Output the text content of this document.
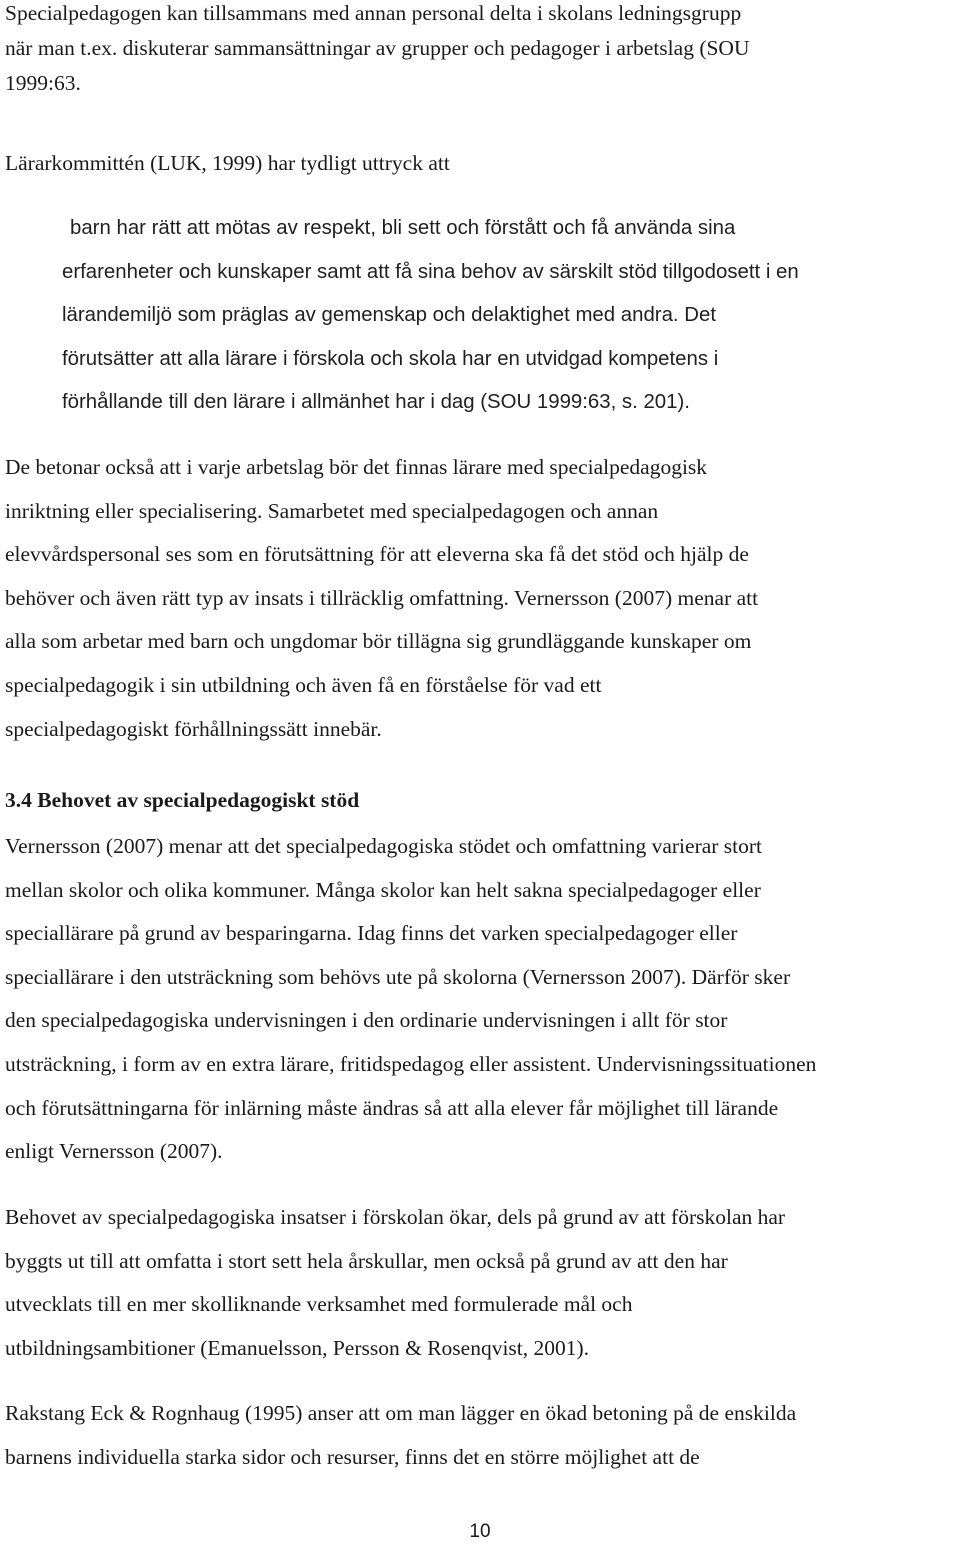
Specialpedagogen kan tillsammans med annan personal delta i skolans ledningsgrupp
när man t.ex. diskuterar sammansättningar av grupper och pedagoger i arbetslag (SOU
1999:63.

Lärarkommittén (LUK, 1999) har tydligt uttryck att

barn har rätt att mötas av respekt, bli sett och förstått och få använda sina
erfarenheter och kunskaper samt att få sina behov av särskilt stöd tillgodosett i en
lärandemiljö som präglas av gemenskap och delaktighet med andra. Det
förutsätter att alla lärare i förskola och skola har en utvidgad kompetens i
förhållande till den lärare i allmänhet har i dag (SOU 1999:63, s. 201).

De betonar också att i varje arbetslag bör det finnas lärare med specialpedagogisk
inriktning eller specialisering. Samarbetet med specialpedagogen och annan
elevvårdspersonal ses som en förutsättning för att eleverna ska få det stöd och hjälp de
behöver och även rätt typ av insats i tillräcklig omfattning. Vernersson (2007) menar att
alla som arbetar med barn och ungdomar bör tillägna sig grundläggande kunskaper om
specialpedagogik i sin utbildning och även få en förståelse för vad ett
specialpedagogiskt förhållningssätt innebär.

3.4 Behovet av specialpedagogiskt stöd

Vernersson (2007) menar att det specialpedagogiska stödet och omfattning varierar stort
mellan skolor och olika kommuner. Många skolor kan helt sakna specialpedagoger eller
speciallärare på grund av besparingarna. Idag finns det varken specialpedagoger eller
speciallärare i den utsträckning som behövs ute på skolorna (Vernersson 2007). Därför sker
den specialpedagogiska undervisningen i den ordinarie undervisningen i allt för stor
utsträckning, i form av en extra lärare, fritidspedagog eller assistent. Undervisningssituationen
och förutsättningarna för inlärning måste ändras så att alla elever får möjlighet till lärande
enligt Vernersson (2007).

Behovet av specialpedagogiska insatser i förskolan ökar, dels på grund av att förskolan har
byggts ut till att omfatta i stort sett hela årskullar, men också på grund av att den har
utvecklats till en mer skolliknande verksamhet med formulerade mål och
utbildningsambitioner (Emanuelsson, Persson & Rosenqvist, 2001).

Rakstang Eck & Rognhaug (1995) anser att om man lägger en ökad betoning på de enskilda
barnens individuella starka sidor och resurser, finns det en större möjlighet att de

10
